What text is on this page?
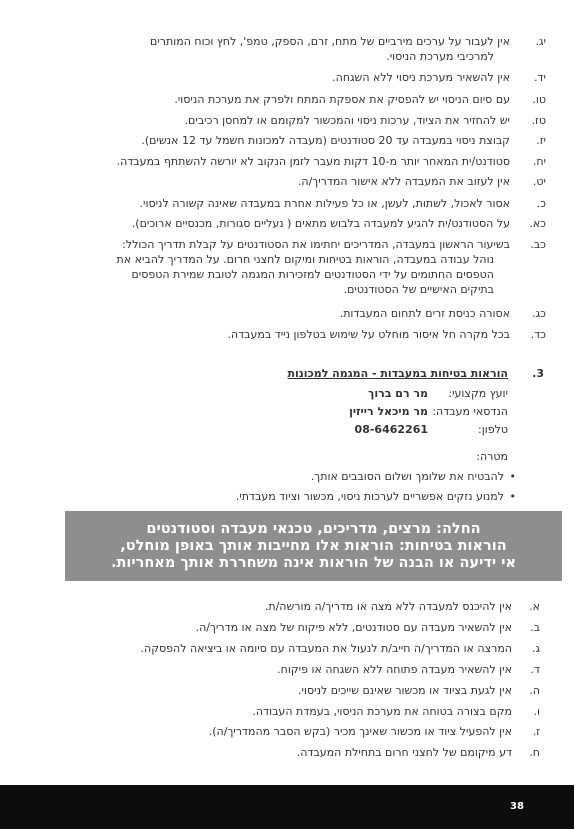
יג.אין לעבור על ערכים מירביים של מתח, זרם, הספק, טמפ', לחץ וכוח המותרים
למרכיבי מערכת הניסוי.
יד.אין להשאיר מערכת ניסוי ללא השגחה.
טו.עם סיום הניסוי יש להפסיק את אספקת המתח ולפרק את מערכת הניסוי.
טז.יש להחזיר את הציוד, ערכות ניסוי והמכשור למקומם או למחסן רכיבים.
יז.קבוצת ניסוי במעבדה עד 20 סטודנטים (מעבדה למכונות חשמל עד 12 אנשים).
יח.סטודנט/ית המאחר יותר מ-10 דקות מעבר לזמן הנקוב לא יורשה להשתתף במעבדה.
יט.אין לעזוב את המעבדה ללא אישור המדריך/ה.
כ.אסור לאכול, לשתות, לעשן, או כל פעילות אחרת במעבדה שאינה קשורה לניסוי.
כא.על הסטודנט/ית להגיע למעבדה בלבוש מתאים ( נעליים סגורות, מכנסיים ארוכים).
כב.בשיעור הראשון במעבדה, המדריכים יחתימו את הסטודנטים על קבלת תדריך הכולל:
נוהל עבודה במעבדה, הוראות בטיחות ומיקום לחצני חרום. על המדריך להביא את
הטפסים החתומים על ידי הסטודנטים למזכירות המגמה לטובת שמירת הטפסים
בתיקים האישיים של הסטודנטים.
כג.אסורה כניסת זרים לתחום המעבדות.
כד.בכל מקרה חל איסור מוחלט על שימוש בטלפון נייד במעבדה.
3.הוראות בטיחות במעבדות - המגמה למכונות
יועץ מקצועי:מר רם ברוך
הנדסאי מעבדה:מר מיכאל רייזין
טלפון:08-6462261
מטרה:
•להבטיח את שלומך ושלום הסובבים אותך.
•למנוע נזקים אפשריים לערכות ניסוי, מכשור וציוד מעבדתי.
החלה: מרצים, מדריכים, טכנאי מעבדה וסטודנטים
הוראות בטיחות: הוראות אלו מחייבות אותך באופן מוחלט,
אי ידיעה או הבנה של הוראות אינה משחררת אותך מאחריות.
א.אין להיכנס למעבדה ללא מצה או מדריך/ה מורשה/ת.
ב.אין להשאיר מעבדה עם סטודנטים, ללא פיקוח של מצה או מדריך/ה.
ג.המרצה או המדריך/ה חייב/ת לנעול את המעבדה עם סיומה או ביציאה להפסקה.
ד.אין להשאיר מעבדה פתוחה ללא השגחה או פיקוח.
ה.אין לגעת בציוד או מכשור שאינם שייכים לניסוי.
ו.מקם בצורה בטוחה את מערכת הניסוי, בעמדת העבודה.
ז.אין להפעיל ציוד או מכשור שאינך מכיר (בקש הסבר מהמדריך/ה).
ח.דע מיקומם של לחצני חרום בתחילת המעבדה.
38
